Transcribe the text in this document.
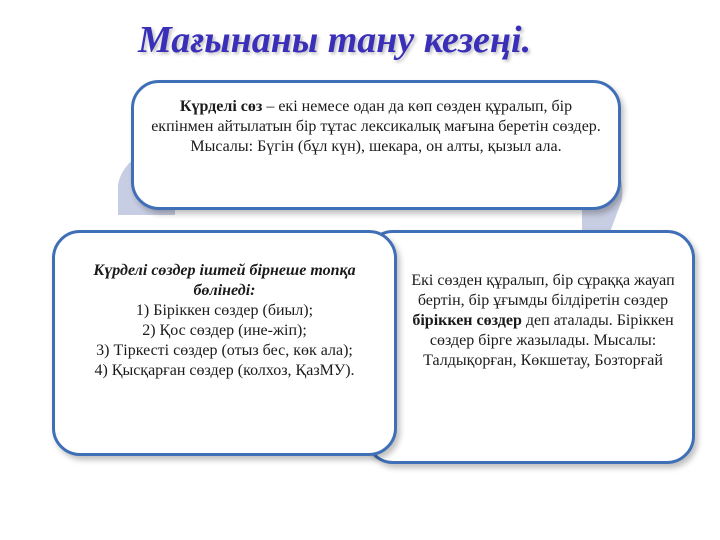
Мағынаны тану кезеңі.
Екі сөзден құралып, бір сұраққа жауап бертін, бір ұғымды білдіретін сөздер біріккен сөздер деп аталады. Біріккен сөздер бірге жазылады. Мысалы: Талдықорған, Көкшетау, Бозторғай
Күрделі сөздер іштей бірнеше топқа бөлінеді:
1) Біріккен сөздер (биыл);
2) Қос сөздер (ине-жіп);
3) Тіркесті сөздер (отыз бес, көк ала);
4) Қысқарған сөздер (колхоз, ҚазМУ).
Күрделі сөз – екі немесе одан да көп сөзден құралып, бір екпінмен айтылатын бір тұтас лексикалық мағына беретін сөздер. Мысалы: Бүгін (бұл күн), шекара, он алты, қызыл ала.
